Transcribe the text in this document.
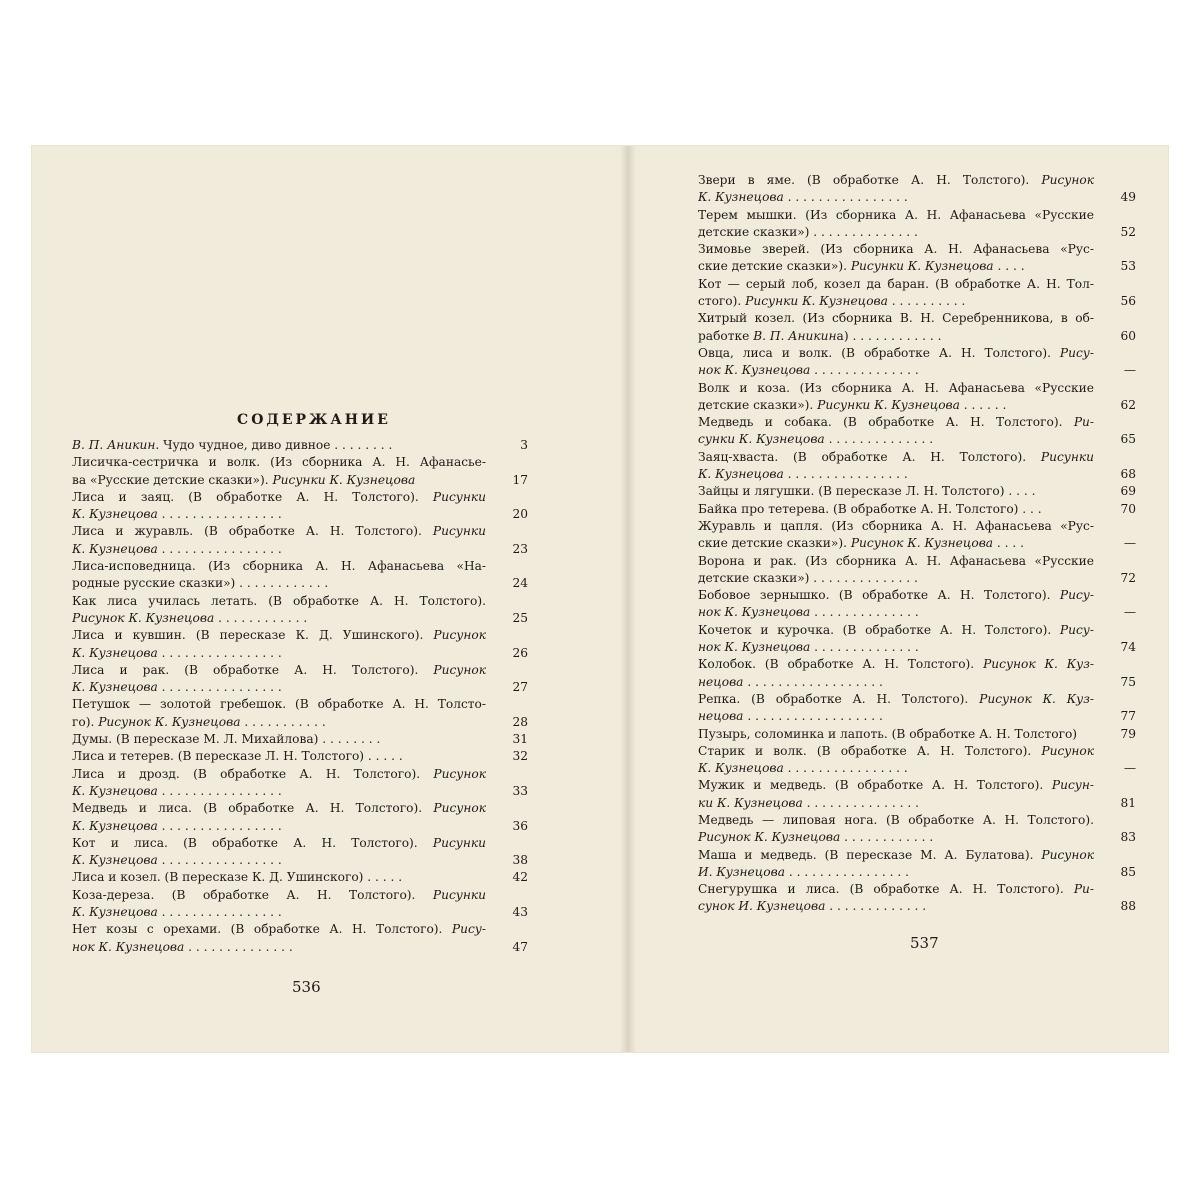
СОДЕРЖАНИЕ
В. П. Аникин. Чудо чудное, диво дивное . . . . . . . .	3
Лисичка-сестричка и волк. (Из сборника А. Н. Афанасье-
ва «Русские детские сказки»). Рисунки К. Кузнецова	17
Лиса и заяц. (В обработке А. Н. Толстого). Рисунки
К. Кузнецова . . . . . . . . . . . . . . . .	20
Лиса и журавль. (В обработке А. Н. Толстого). Рисунки
К. Кузнецова . . . . . . . . . . . . . . . .	23
Лиса-исповедница. (Из сборника А. Н. Афанасьева «На-
родные русские сказки») . . . . . . . . . . . .	24
Как лиса училась летать. (В обработке А. Н. Толстого).
Рисунок К. Кузнецова . . . . . . . . . . . .	25
Лиса и кувшин. (В пересказе К. Д. Ушинского). Рисунок
К. Кузнецова . . . . . . . . . . . . . . . .	26
Лиса и рак. (В обработке А. Н. Толстого). Рисунок
К. Кузнецова . . . . . . . . . . . . . . . .	27
Петушок — золотой гребешок. (В обработке А. Н. Толсто-
го). Рисунок К. Кузнецова . . . . . . . . . . .	28
Думы. (В пересказе М. Л. Михайлова) . . . . . . . .	31
Лиса и тетерев. (В пересказе Л. Н. Толстого) . . . . .	32
Лиса и дрозд. (В обработке А. Н. Толстого). Рисунок
К. Кузнецова . . . . . . . . . . . . . . . .	33
Медведь и лиса. (В обработке А. Н. Толстого). Рисунок
К. Кузнецова . . . . . . . . . . . . . . . .	36
Кот и лиса. (В обработке А. Н. Толстого). Рисунки
К. Кузнецова . . . . . . . . . . . . . . . .	38
Лиса и козел. (В пересказе К. Д. Ушинского) . . . . .	42
Коза-дереза. (В обработке А. Н. Толстого). Рисунки
К. Кузнецова . . . . . . . . . . . . . . . .	43
Нет козы с орехами. (В обработке А. Н. Толстого). Рису-
нок К. Кузнецова . . . . . . . . . . . . . .	47
536
Звери в яме. (В обработке А. Н. Толстого). Рисунок
К. Кузнецова . . . . . . . . . . . . . . . .	49
Терем мышки. (Из сборника А. Н. Афанасьева «Русские
детские сказки») . . . . . . . . . . . . . .	52
Зимовье зверей. (Из сборника А. Н. Афанасьева «Рус-
ские детские сказки»). Рисунки К. Кузнецова . . . .	53
Кот — серый лоб, козел да баран. (В обработке А. Н. Тол-
стого). Рисунки К. Кузнецова . . . . . . . . . .	56
Хитрый козел. (Из сборника В. Н. Серебренникова, в об-
работке В. П. Аникина) . . . . . . . . . . . .	60
Овца, лиса и волк. (В обработке А. Н. Толстого). Рису-
нок К. Кузнецова . . . . . . . . . . . . . .	—
Волк и коза. (Из сборника А. Н. Афанасьева «Русские
детские сказки»). Рисунки К. Кузнецова . . . . . .	62
Медведь и собака. (В обработке А. Н. Толстого). Ри-
сунки К. Кузнецова . . . . . . . . . . . . . .	65
Заяц-хваста. (В обработке А. Н. Толстого). Рисунки
К. Кузнецова . . . . . . . . . . . . . . . .	68
Зайцы и лягушки. (В пересказе Л. Н. Толстого) . . . .	69
Байка про тетерева. (В обработке А. Н. Толстого) . . .	70
Журавль и цапля. (Из сборника А. Н. Афанасьева «Рус-
ские детские сказки»). Рисунок К. Кузнецова . . . .	—
Ворона и рак. (Из сборника А. Н. Афанасьева «Русские
детские сказки») . . . . . . . . . . . . . .	72
Бобовое зернышко. (В обработке А. Н. Толстого). Рису-
нок К. Кузнецова . . . . . . . . . . . . . .	—
Кочеток и курочка. (В обработке А. Н. Толстого). Рису-
нок К. Кузнецова . . . . . . . . . . . . . .	74
Колобок. (В обработке А. Н. Толстого). Рисунок К. Куз-
нецова . . . . . . . . . . . . . . . . . .	75
Репка. (В обработке А. Н. Толстого). Рисунок К. Куз-
нецова . . . . . . . . . . . . . . . . . .	77
Пузырь, соломинка и лапоть. (В обработке А. Н. Толстого)	79
Старик и волк. (В обработке А. Н. Толстого). Рисунок
К. Кузнецова . . . . . . . . . . . . . . . .	—
Мужик и медведь. (В обработке А. Н. Толстого). Рисун-
ки К. Кузнецова . . . . . . . . . . . . . . .	81
Медведь — липовая нога. (В обработке А. Н. Толстого).
Рисунок К. Кузнецова . . . . . . . . . . . .	83
Маша и медведь. (В пересказе М. А. Булатова). Рисунок
И. Кузнецова . . . . . . . . . . . . . . . .	85
Снегурушка и лиса. (В обработке А. Н. Толстого). Ри-
сунок И. Кузнецова . . . . . . . . . . . . .	88
537
